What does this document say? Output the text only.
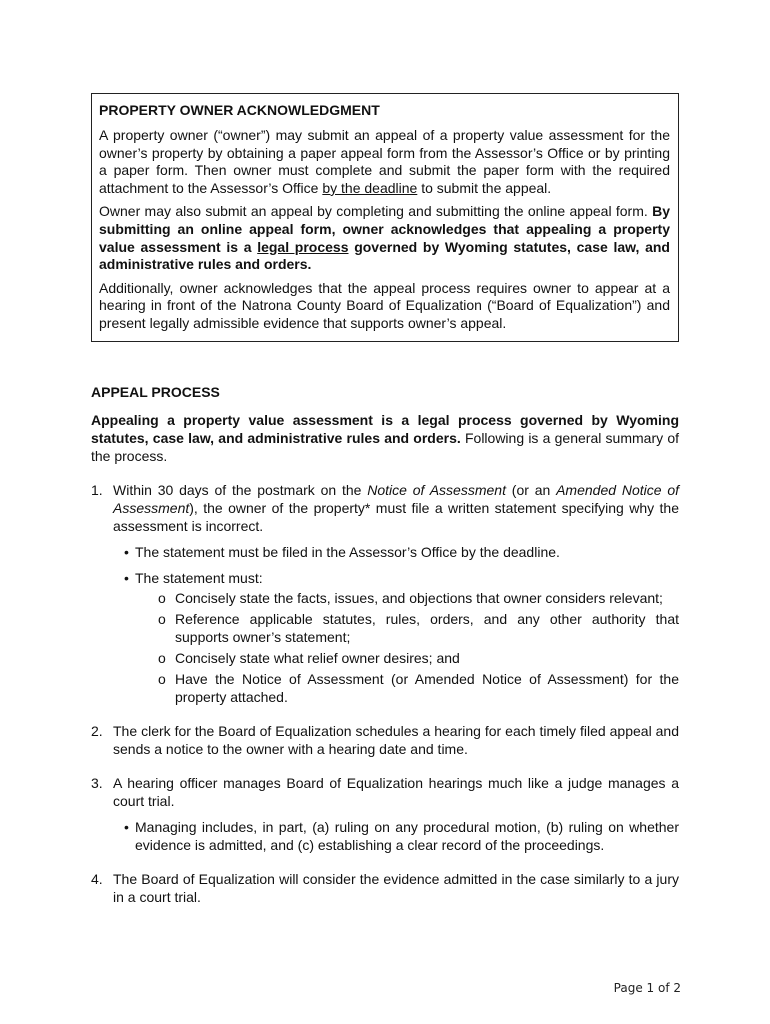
PROPERTY OWNER ACKNOWLEDGMENT

A property owner (“owner”) may submit an appeal of a property value assessment for the owner’s property by obtaining a paper appeal form from the Assessor’s Office or by printing a paper form. Then owner must complete and submit the paper form with the required attachment to the Assessor’s Office by the deadline to submit the appeal.

Owner may also submit an appeal by completing and submitting the online appeal form. By submitting an online appeal form, owner acknowledges that appealing a property value assessment is a legal process governed by Wyoming statutes, case law, and administrative rules and orders.

Additionally, owner acknowledges that the appeal process requires owner to appear at a hearing in front of the Natrona County Board of Equalization (“Board of Equalization”) and present legally admissible evidence that supports owner’s appeal.

APPEAL PROCESS

Appealing a property value assessment is a legal process governed by Wyoming statutes, case law, and administrative rules and orders. Following is a general summary of the process.

1. Within 30 days of the postmark on the Notice of Assessment (or an Amended Notice of Assessment), the owner of the property* must file a written statement specifying why the assessment is incorrect.
• The statement must be filed in the Assessor’s Office by the deadline.
• The statement must:
o Concisely state the facts, issues, and objections that owner considers relevant;
o Reference applicable statutes, rules, orders, and any other authority that supports owner’s statement;
o Concisely state what relief owner desires; and
o Have the Notice of Assessment (or Amended Notice of Assessment) for the property attached.
2. The clerk for the Board of Equalization schedules a hearing for each timely filed appeal and sends a notice to the owner with a hearing date and time.
3. A hearing officer manages Board of Equalization hearings much like a judge manages a court trial.
• Managing includes, in part, (a) ruling on any procedural motion, (b) ruling on whether evidence is admitted, and (c) establishing a clear record of the proceedings.
4. The Board of Equalization will consider the evidence admitted in the case similarly to a jury in a court trial.
Page 1 of 2
